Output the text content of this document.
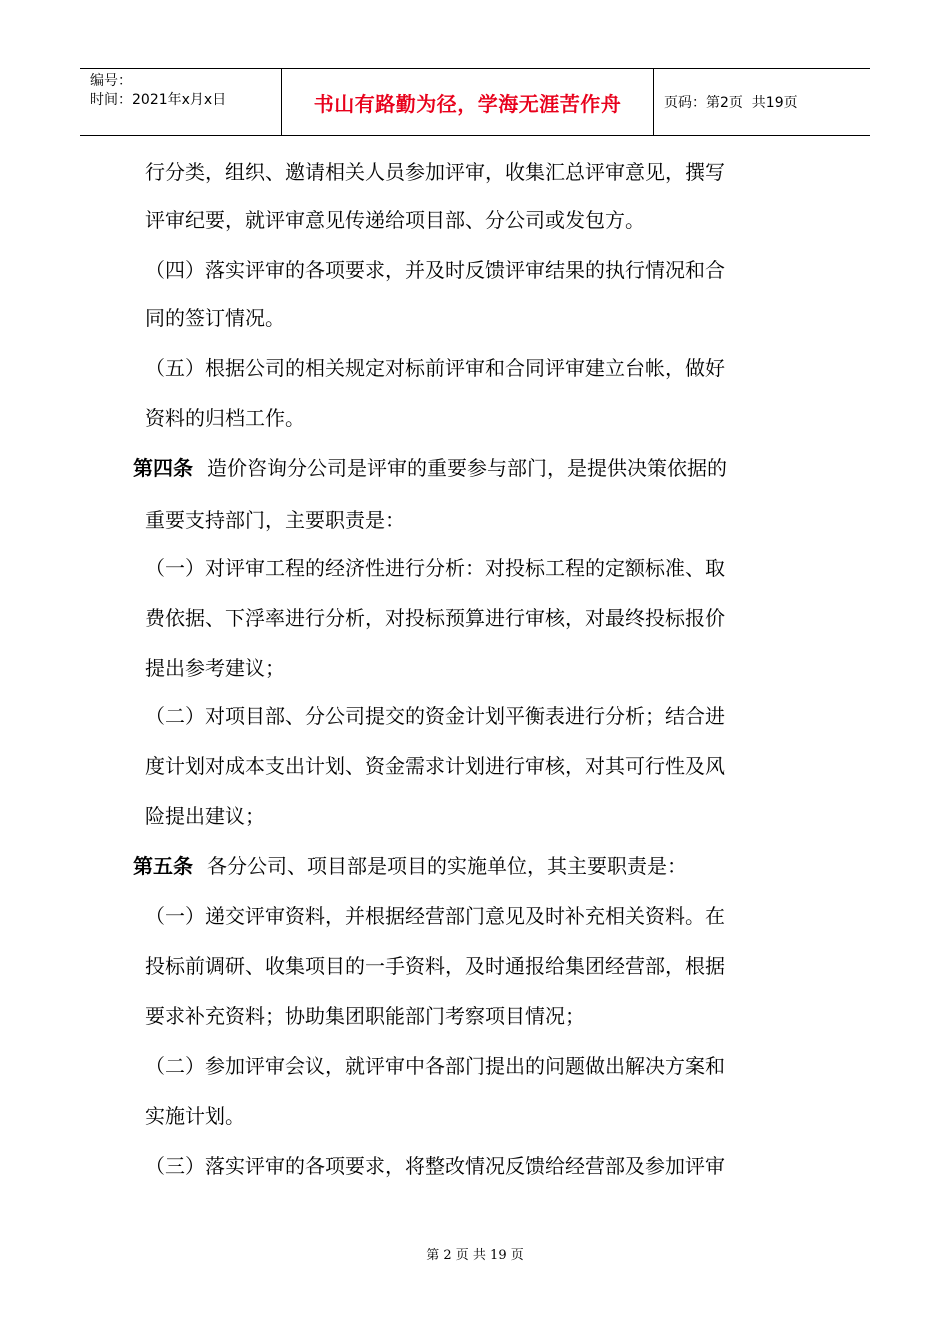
编号：
时间：2021年x月x日	书山有路勤为径，学海无涯苦作舟	页码：第2页  共19页
行分类，组织、邀请相关人员参加评审，收集汇总评审意见，撰写
评审纪要，就评审意见传递给项目部、分公司或发包方。
（四）落实评审的各项要求，并及时反馈评审结果的执行情况和合
同的签订情况。
（五）根据公司的相关规定对标前评审和合同评审建立台帐，做好
资料的归档工作。
第四条 造价咨询分公司是评审的重要参与部门，是提供决策依据的
重要支持部门，主要职责是：
（一）对评审工程的经济性进行分析：对投标工程的定额标准、取
费依据、下浮率进行分析，对投标预算进行审核，对最终投标报价
提出参考建议；
（二）对项目部、分公司提交的资金计划平衡表进行分析；结合进
度计划对成本支出计划、资金需求计划进行审核，对其可行性及风
险提出建议；
第五条 各分公司、项目部是项目的实施单位，其主要职责是：
（一）递交评审资料，并根据经营部门意见及时补充相关资料。在
投标前调研、收集项目的一手资料，及时通报给集团经营部，根据
要求补充资料；协助集团职能部门考察项目情况；
（二）参加评审会议，就评审中各部门提出的问题做出解决方案和
实施计划。
（三）落实评审的各项要求，将整改情况反馈给经营部及参加评审
第 2 页 共 19 页
